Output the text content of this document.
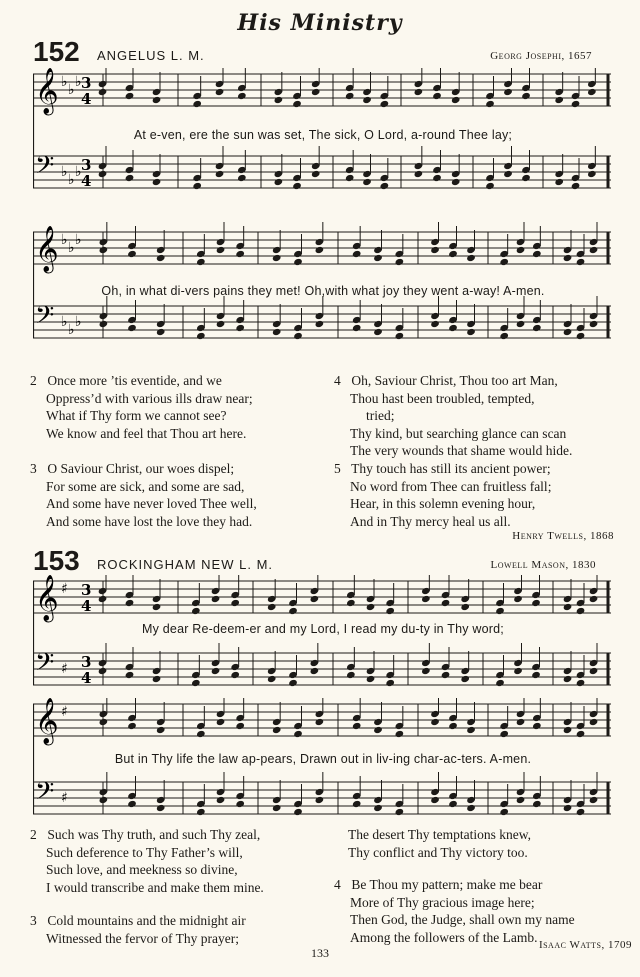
His Ministry
152 ANGELUS L. M.	Georg Josephi, 1657
𝄞 ♭ ♭ ♭
𝄢 ♭ ♭ ♭
3
4
3
4
At e-ven, ere the sun was set, The sick, O Lord, a-round Thee lay;
𝄞 ♭ ♭ ♭
𝄢 ♭ ♭ ♭
Oh, in what di-vers pains they met! Oh,with what joy they went a-way! A-men.
2 Once more ’tis eventide, and we
Oppress’d with various ills draw near;
What if Thy form we cannot see?
We know and feel that Thou art here.
3 O Saviour Christ, our woes dispel;
For some are sick, and some are sad,
And some have never loved Thee well,
And some have lost the love they had.
4 Oh, Saviour Christ, Thou too art Man,
Thou hast been troubled, tempted,
tried;
Thy kind, but searching glance can scan
The very wounds that shame would hide.
5 Thy touch has still its ancient power;
No word from Thee can fruitless fall;
Hear, in this solemn evening hour,
And in Thy mercy heal us all.
Henry Twells, 1868
153 ROCKINGHAM NEW L. M.	Lowell Mason, 1830
𝄞 ♯
𝄢 ♯
3
4
3
4
My dear Re-deem-er and my Lord, I read my du-ty in Thy word;
𝄞 ♯
𝄢 ♯
But in Thy life the law ap-pears, Drawn out in liv-ing char-ac-ters. A-men.
2 Such was Thy truth, and such Thy zeal,
Such deference to Thy Father’s will,
Such love, and meekness so divine,
I would transcribe and make them mine.
3 Cold mountains and the midnight air
Witnessed the fervor of Thy prayer;
The desert Thy temptations knew,
Thy conflict and Thy victory too.
4 Be Thou my pattern; make me bear
More of Thy gracious image here;
Then God, the Judge, shall own my name
Among the followers of the Lamb.
Isaac Watts, 1709
133
